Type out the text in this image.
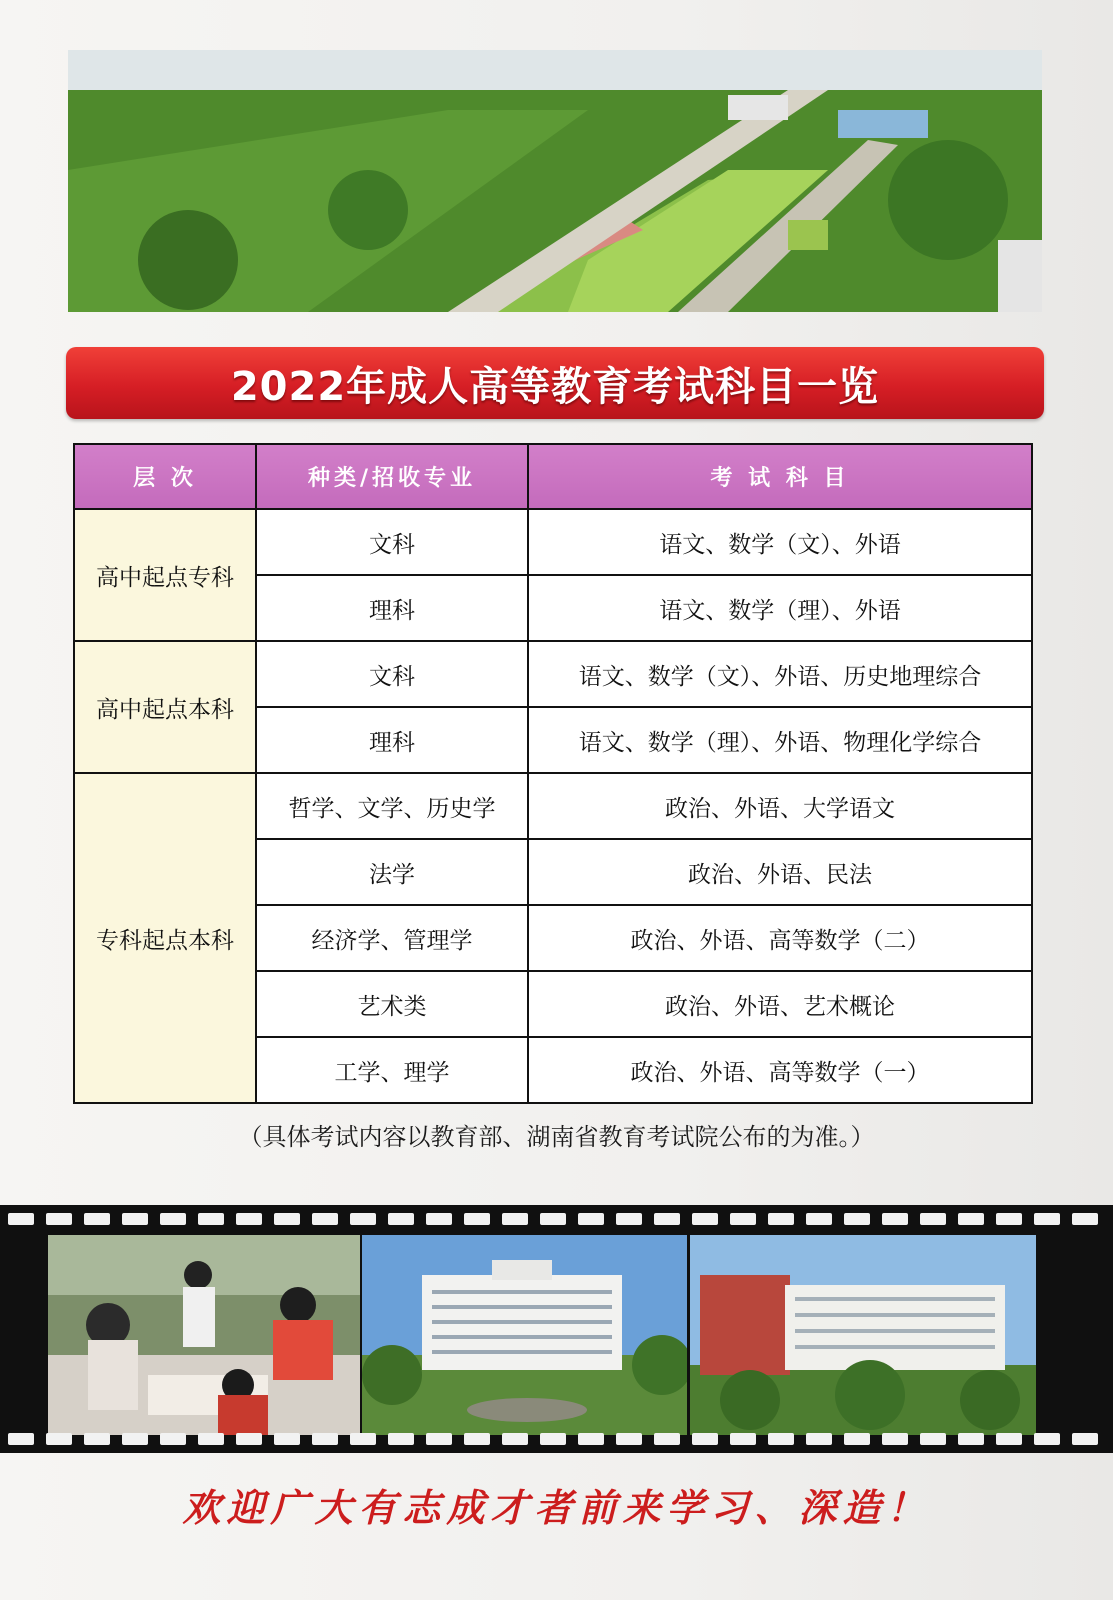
2022年成人高等教育考试科目一览
层 次	种类/招收专业	考 试 科 目
高中起点专科	文科	语文、数学（文）、外语
	理科	语文、数学（理）、外语
高中起点本科	文科	语文、数学（文）、外语、历史地理综合
	理科	语文、数学（理）、外语、物理化学综合
专科起点本科	哲学、文学、历史学	政治、外语、大学语文
	法学	政治、外语、民法
	经济学、管理学	政治、外语、高等数学（二）
	艺术类	政治、外语、艺术概论
	工学、理学	政治、外语、高等数学（一）
（具体考试内容以教育部、湖南省教育考试院公布的为准。）
欢迎广大有志成才者前来学习、深造！
